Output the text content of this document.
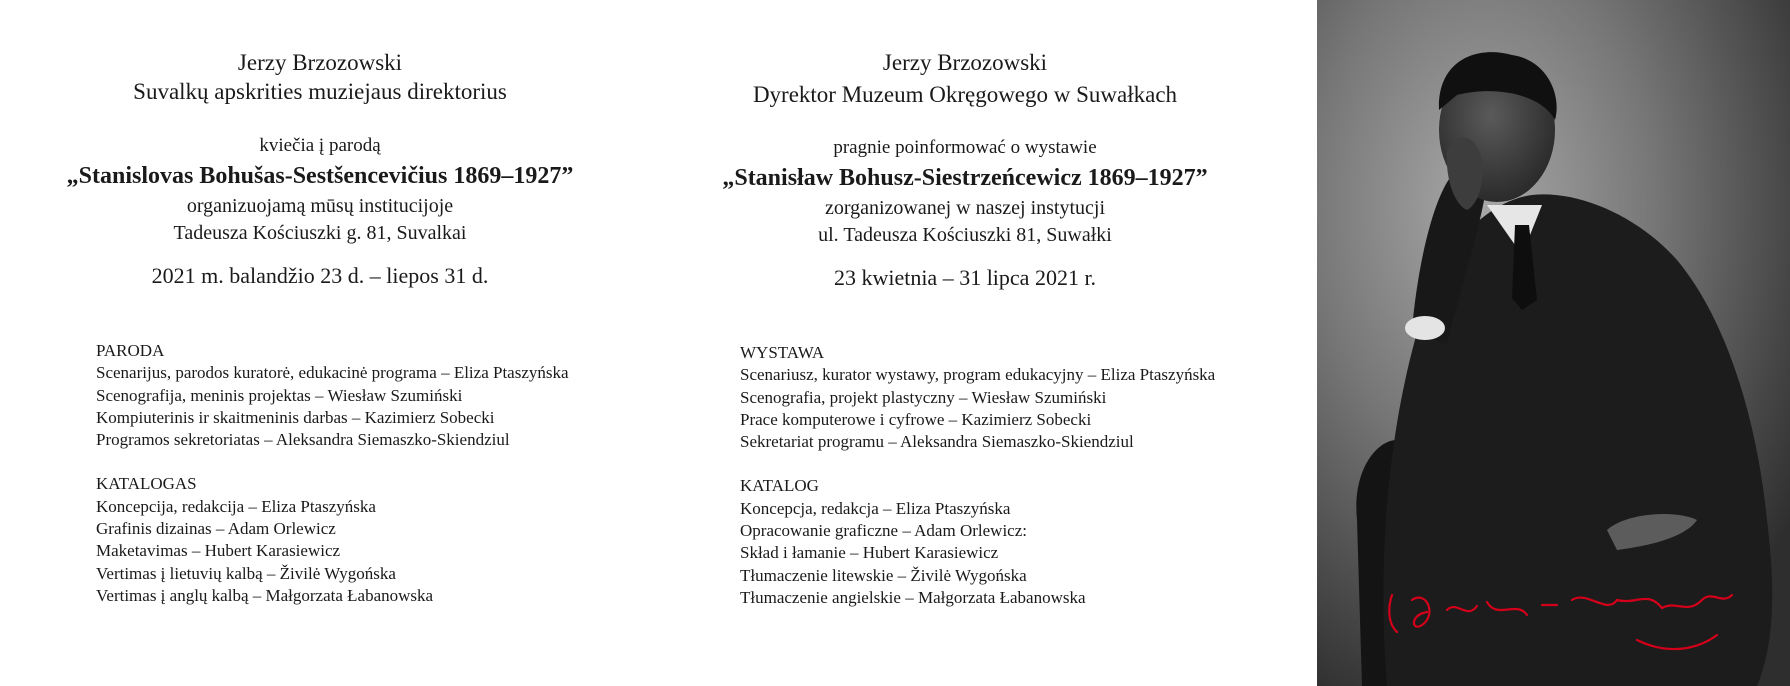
Jerzy Brzozowski
Suvalkų apskrities muziejaus direktorius
kviečia į parodą
„Stanislovas Bohušas-Sestšencevičius 1869–1927”
organizuojamą mūsų institucijoje
Tadeusza Kościuszki g. 81, Suvalkai
2021 m. balandžio 23 d. – liepos 31 d.
PARODA
Scenarijus, parodos kuratorė, edukacinė programa – Eliza Ptaszyńska
Scenografija, meninis projektas – Wiesław Szumiński
Kompiuterinis ir skaitmeninis darbas – Kazimierz Sobecki
Programos sekretoriatas – Aleksandra Siemaszko-Skiendziul
KATALOGAS
Koncepcija, redakcija – Eliza Ptaszyńska
Grafinis dizainas – Adam Orlewicz
Maketavimas – Hubert Karasiewicz
Vertimas į lietuvių kalbą – Živilė Wygońska
Vertimas į anglų kalbą – Małgorzata Łabanowska
Jerzy Brzozowski
Dyrektor Muzeum Okręgowego w Suwałkach
pragnie poinformować o wystawie
„Stanisław Bohusz-Siestrzeńcewicz 1869–1927”
zorganizowanej w naszej instytucji
ul. Tadeusza Kościuszki 81, Suwałki
23 kwietnia – 31 lipca 2021 r.
WYSTAWA
Scenariusz, kurator wystawy, program edukacyjny – Eliza Ptaszyńska
Scenografia, projekt plastyczny – Wiesław Szumiński
Prace komputerowe i cyfrowe – Kazimierz Sobecki
Sekretariat programu – Aleksandra Siemaszko-Skiendziul
KATALOG
Koncepcja, redakcja – Eliza Ptaszyńska
Opracowanie graficzne – Adam Orlewicz:
Skład i łamanie – Hubert Karasiewicz
Tłumaczenie litewskie – Živilė Wygońska
Tłumaczenie angielskie – Małgorzata Łabanowska
